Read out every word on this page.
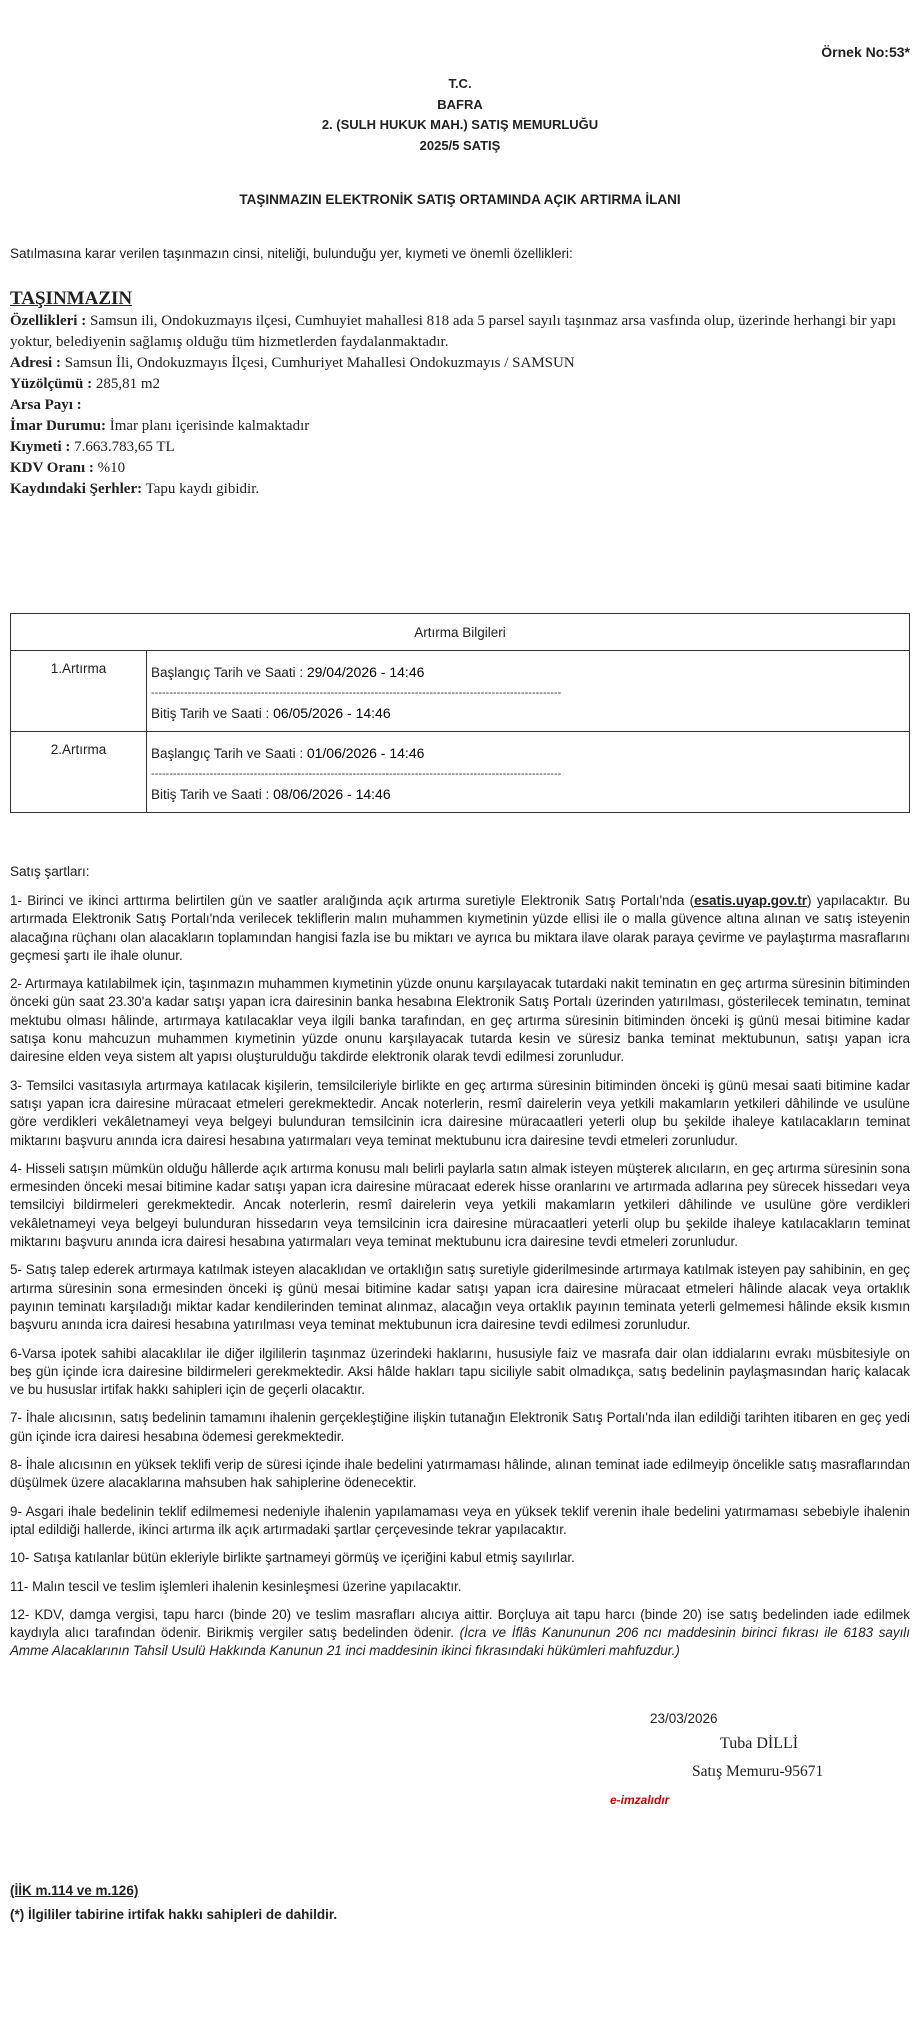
Örnek No:53*
T.C.
BAFRA
2. (SULH HUKUK MAH.) SATIŞ MEMURLUĞU
2025/5 SATIŞ
TAŞINMAZIN ELEKTRONİK SATIŞ ORTAMINDA AÇIK ARTIRMA İLANI
Satılmasına karar verilen taşınmazın cinsi, niteliği, bulunduğu yer, kıymeti ve önemli özellikleri:
TAŞINMAZIN
Özellikleri : Samsun ili, Ondokuzmayıs ilçesi, Cumhuyiet mahallesi 818 ada 5 parsel sayılı taşınmaz arsa vasfında olup, üzerinde herhangi bir yapı yoktur, belediyenin sağlamış olduğu tüm hizmetlerden faydalanmaktadır.
Adresi : Samsun İli, Ondokuzmayıs İlçesi, Cumhuriyet Mahallesi Ondokuzmayıs / SAMSUN
Yüzölçümü : 285,81 m2
Arsa Payı :
İmar Durumu: İmar planı içerisinde kalmaktadır
Kıymeti : 7.663.783,65 TL
KDV Oranı : %10
Kaydındaki Şerhler: Tapu kaydı gibidir.
Artırma Bilgileri	
1.Artırma	Başlangıç Tarih ve Saati : 29/04/2026 - 14:46
----------------------------------------------------------------------------------------------------------------
Bitiş Tarih ve Saati : 06/05/2026 - 14:46

2.Artırma	Başlangıç Tarih ve Saati : 01/06/2026 - 14:46
----------------------------------------------------------------------------------------------------------------
Bitiş Tarih ve Saati : 08/06/2026 - 14:46
Satış şartları:

1- Birinci ve ikinci arttırma belirtilen gün ve saatler aralığında açık artırma suretiyle Elektronik Satış Portalı'nda (esatis.uyap.gov.tr) yapılacaktır. Bu artırmada Elektronik Satış Portalı'nda verilecek tekliflerin malın muhammen kıymetinin yüzde ellisi ile o malla güvence altına alınan ve satış isteyenin alacağına rüçhanı olan alacakların toplamından hangisi fazla ise bu miktarı ve ayrıca bu miktara ilave olarak paraya çevirme ve paylaştırma masraflarını geçmesi şartı ile ihale olunur.

2- Artırmaya katılabilmek için, taşınmazın muhammen kıymetinin yüzde onunu karşılayacak tutardaki nakit teminatın en geç artırma süresinin bitiminden önceki gün saat 23.30'a kadar satışı yapan icra dairesinin banka hesabına Elektronik Satış Portalı üzerinden yatırılması, gösterilecek teminatın, teminat mektubu olması hâlinde, artırmaya katılacaklar veya ilgili banka tarafından, en geç artırma süresinin bitiminden önceki iş günü mesai bitimine kadar satışa konu mahcuzun muhammen kıymetinin yüzde onunu karşılayacak tutarda kesin ve süresiz banka teminat mektubunun, satışı yapan icra dairesine elden veya sistem alt yapısı oluşturulduğu takdirde elektronik olarak tevdi edilmesi zorunludur.

3- Temsilci vasıtasıyla artırmaya katılacak kişilerin, temsilcileriyle birlikte en geç artırma süresinin bitiminden önceki iş günü mesai saati bitimine kadar satışı yapan icra dairesine müracaat etmeleri gerekmektedir. Ancak noterlerin, resmî dairelerin veya yetkili makamların yetkileri dâhilinde ve usulüne göre verdikleri vekâletnameyi veya belgeyi bulunduran temsilcinin icra dairesine müracaatleri yeterli olup bu şekilde ihaleye katılacakların teminat miktarını başvuru anında icra dairesi hesabına yatırmaları veya teminat mektubunu icra dairesine tevdi etmeleri zorunludur.

4- Hisseli satışın mümkün olduğu hâllerde açık artırma konusu malı belirli paylarla satın almak isteyen müşterek alıcıların, en geç artırma süresinin sona ermesinden önceki mesai bitimine kadar satışı yapan icra dairesine müracaat ederek hisse oranlarını ve artırmada adlarına pey sürecek hissedarı veya temsilciyi bildirmeleri gerekmektedir. Ancak noterlerin, resmî dairelerin veya yetkili makamların yetkileri dâhilinde ve usulüne göre verdikleri vekâletnameyi veya belgeyi bulunduran hissedarın veya temsilcinin icra dairesine müracaatleri yeterli olup bu şekilde ihaleye katılacakların teminat miktarını başvuru anında icra dairesi hesabına yatırmaları veya teminat mektubunu icra dairesine tevdi etmeleri zorunludur.

5- Satış talep ederek artırmaya katılmak isteyen alacaklıdan ve ortaklığın satış suretiyle giderilmesinde artırmaya katılmak isteyen pay sahibinin, en geç artırma süresinin sona ermesinden önceki iş günü mesai bitimine kadar satışı yapan icra dairesine müracaat etmeleri hâlinde alacak veya ortaklık payının teminatı karşıladığı miktar kadar kendilerinden teminat alınmaz, alacağın veya ortaklık payının teminata yeterli gelmemesi hâlinde eksik kısmın başvuru anında icra dairesi hesabına yatırılması veya teminat mektubunun icra dairesine tevdi edilmesi zorunludur.

6-Varsa ipotek sahibi alacaklılar ile diğer ilgililerin taşınmaz üzerindeki haklarını, hususiyle faiz ve masrafa dair olan iddialarını evrakı müsbitesiyle on beş gün içinde icra dairesine bildirmeleri gerekmektedir. Aksi hâlde hakları tapu siciliyle sabit olmadıkça, satış bedelinin paylaşmasından hariç kalacak ve bu hususlar irtifak hakkı sahipleri için de geçerli olacaktır.

7- İhale alıcısının, satış bedelinin tamamını ihalenin gerçekleştiğine ilişkin tutanağın Elektronik Satış Portalı'nda ilan edildiği tarihten itibaren en geç yedi gün içinde icra dairesi hesabına ödemesi gerekmektedir.

8- İhale alıcısının en yüksek teklifi verip de süresi içinde ihale bedelini yatırmaması hâlinde, alınan teminat iade edilmeyip öncelikle satış masraflarından düşülmek üzere alacaklarına mahsuben hak sahiplerine ödenecektir.

9- Asgari ihale bedelinin teklif edilmemesi nedeniyle ihalenin yapılamaması veya en yüksek teklif verenin ihale bedelini yatırmaması sebebiyle ihalenin iptal edildiği hallerde, ikinci artırma ilk açık artırmadaki şartlar çerçevesinde tekrar yapılacaktır.

10- Satışa katılanlar bütün ekleriyle birlikte şartnameyi görmüş ve içeriğini kabul etmiş sayılırlar.

11- Malın tescil ve teslim işlemleri ihalenin kesinleşmesi üzerine yapılacaktır.

12- KDV, damga vergisi, tapu harcı (binde 20) ve teslim masrafları alıcıya aittir. Borçluya ait tapu harcı (binde 20) ise satış bedelinden iade edilmek kaydıyla alıcı tarafından ödenir. Birikmiş vergiler satış bedelinden ödenir. (İcra ve İflâs Kanununun 206 ncı maddesinin birinci fıkrası ile 6183 sayılı Amme Alacaklarının Tahsil Usulü Hakkında Kanunun 21 inci maddesinin ikinci fıkrasındaki hükümleri mahfuzdur.)

23/03/2026
Tuba DİLLİ
Satış Memuru-95671
e-imzalıdır
(İİK m.114 ve m.126)
(*) İlgililer tabirine irtifak hakkı sahipleri de dahildir.
